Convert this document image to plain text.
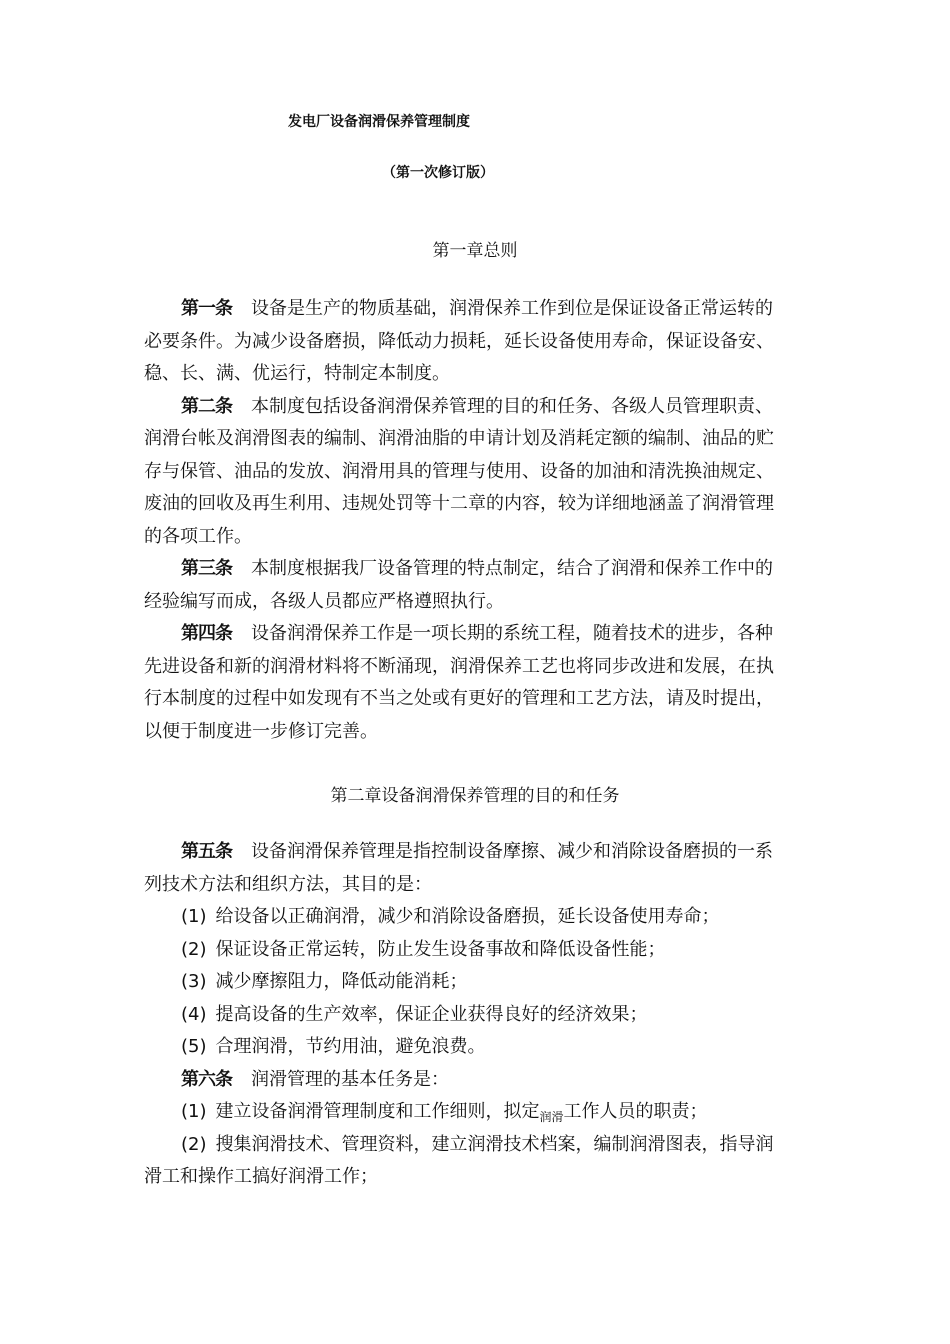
发电厂设备润滑保养管理制度
（第一次修订版）
第一章总则
第一条 设备是生产的物质基础，润滑保养工作到位是保证设备正常运转的
必要条件。为减少设备磨损，降低动力损耗，延长设备使用寿命，保证设备安、
稳、长、满、优运行，特制定本制度。
第二条 本制度包括设备润滑保养管理的目的和任务、各级人员管理职责、
润滑台帐及润滑图表的编制、润滑油脂的申请计划及消耗定额的编制、油品的贮
存与保管、油品的发放、润滑用具的管理与使用、设备的加油和清洗换油规定、
废油的回收及再生利用、违规处罚等十二章的内容，较为详细地涵盖了润滑管理
的各项工作。
第三条 本制度根据我厂设备管理的特点制定，结合了润滑和保养工作中的
经验编写而成，各级人员都应严格遵照执行。
第四条 设备润滑保养工作是一项长期的系统工程，随着技术的进步，各种
先进设备和新的润滑材料将不断涌现，润滑保养工艺也将同步改进和发展，在执
行本制度的过程中如发现有不当之处或有更好的管理和工艺方法，请及时提出，
以便于制度进一步修订完善。
第二章设备润滑保养管理的目的和任务
第五条 设备润滑保养管理是指控制设备摩擦、减少和消除设备磨损的一系
列技术方法和组织方法，其目的是：
(1) 给设备以正确润滑，减少和消除设备磨损，延长设备使用寿命；
(2) 保证设备正常运转，防止发生设备事故和降低设备性能；
(3) 减少摩擦阻力，降低动能消耗；
(4) 提高设备的生产效率，保证企业获得良好的经济效果；
(5) 合理润滑，节约用油，避免浪费。
第六条 润滑管理的基本任务是：
(1) 建立设备润滑管理制度和工作细则，拟定$_{润滑}$工作人员的职责；
(2) 搜集润滑技术、管理资料，建立润滑技术档案，编制润滑图表，指导润
滑工和操作工搞好润滑工作；
